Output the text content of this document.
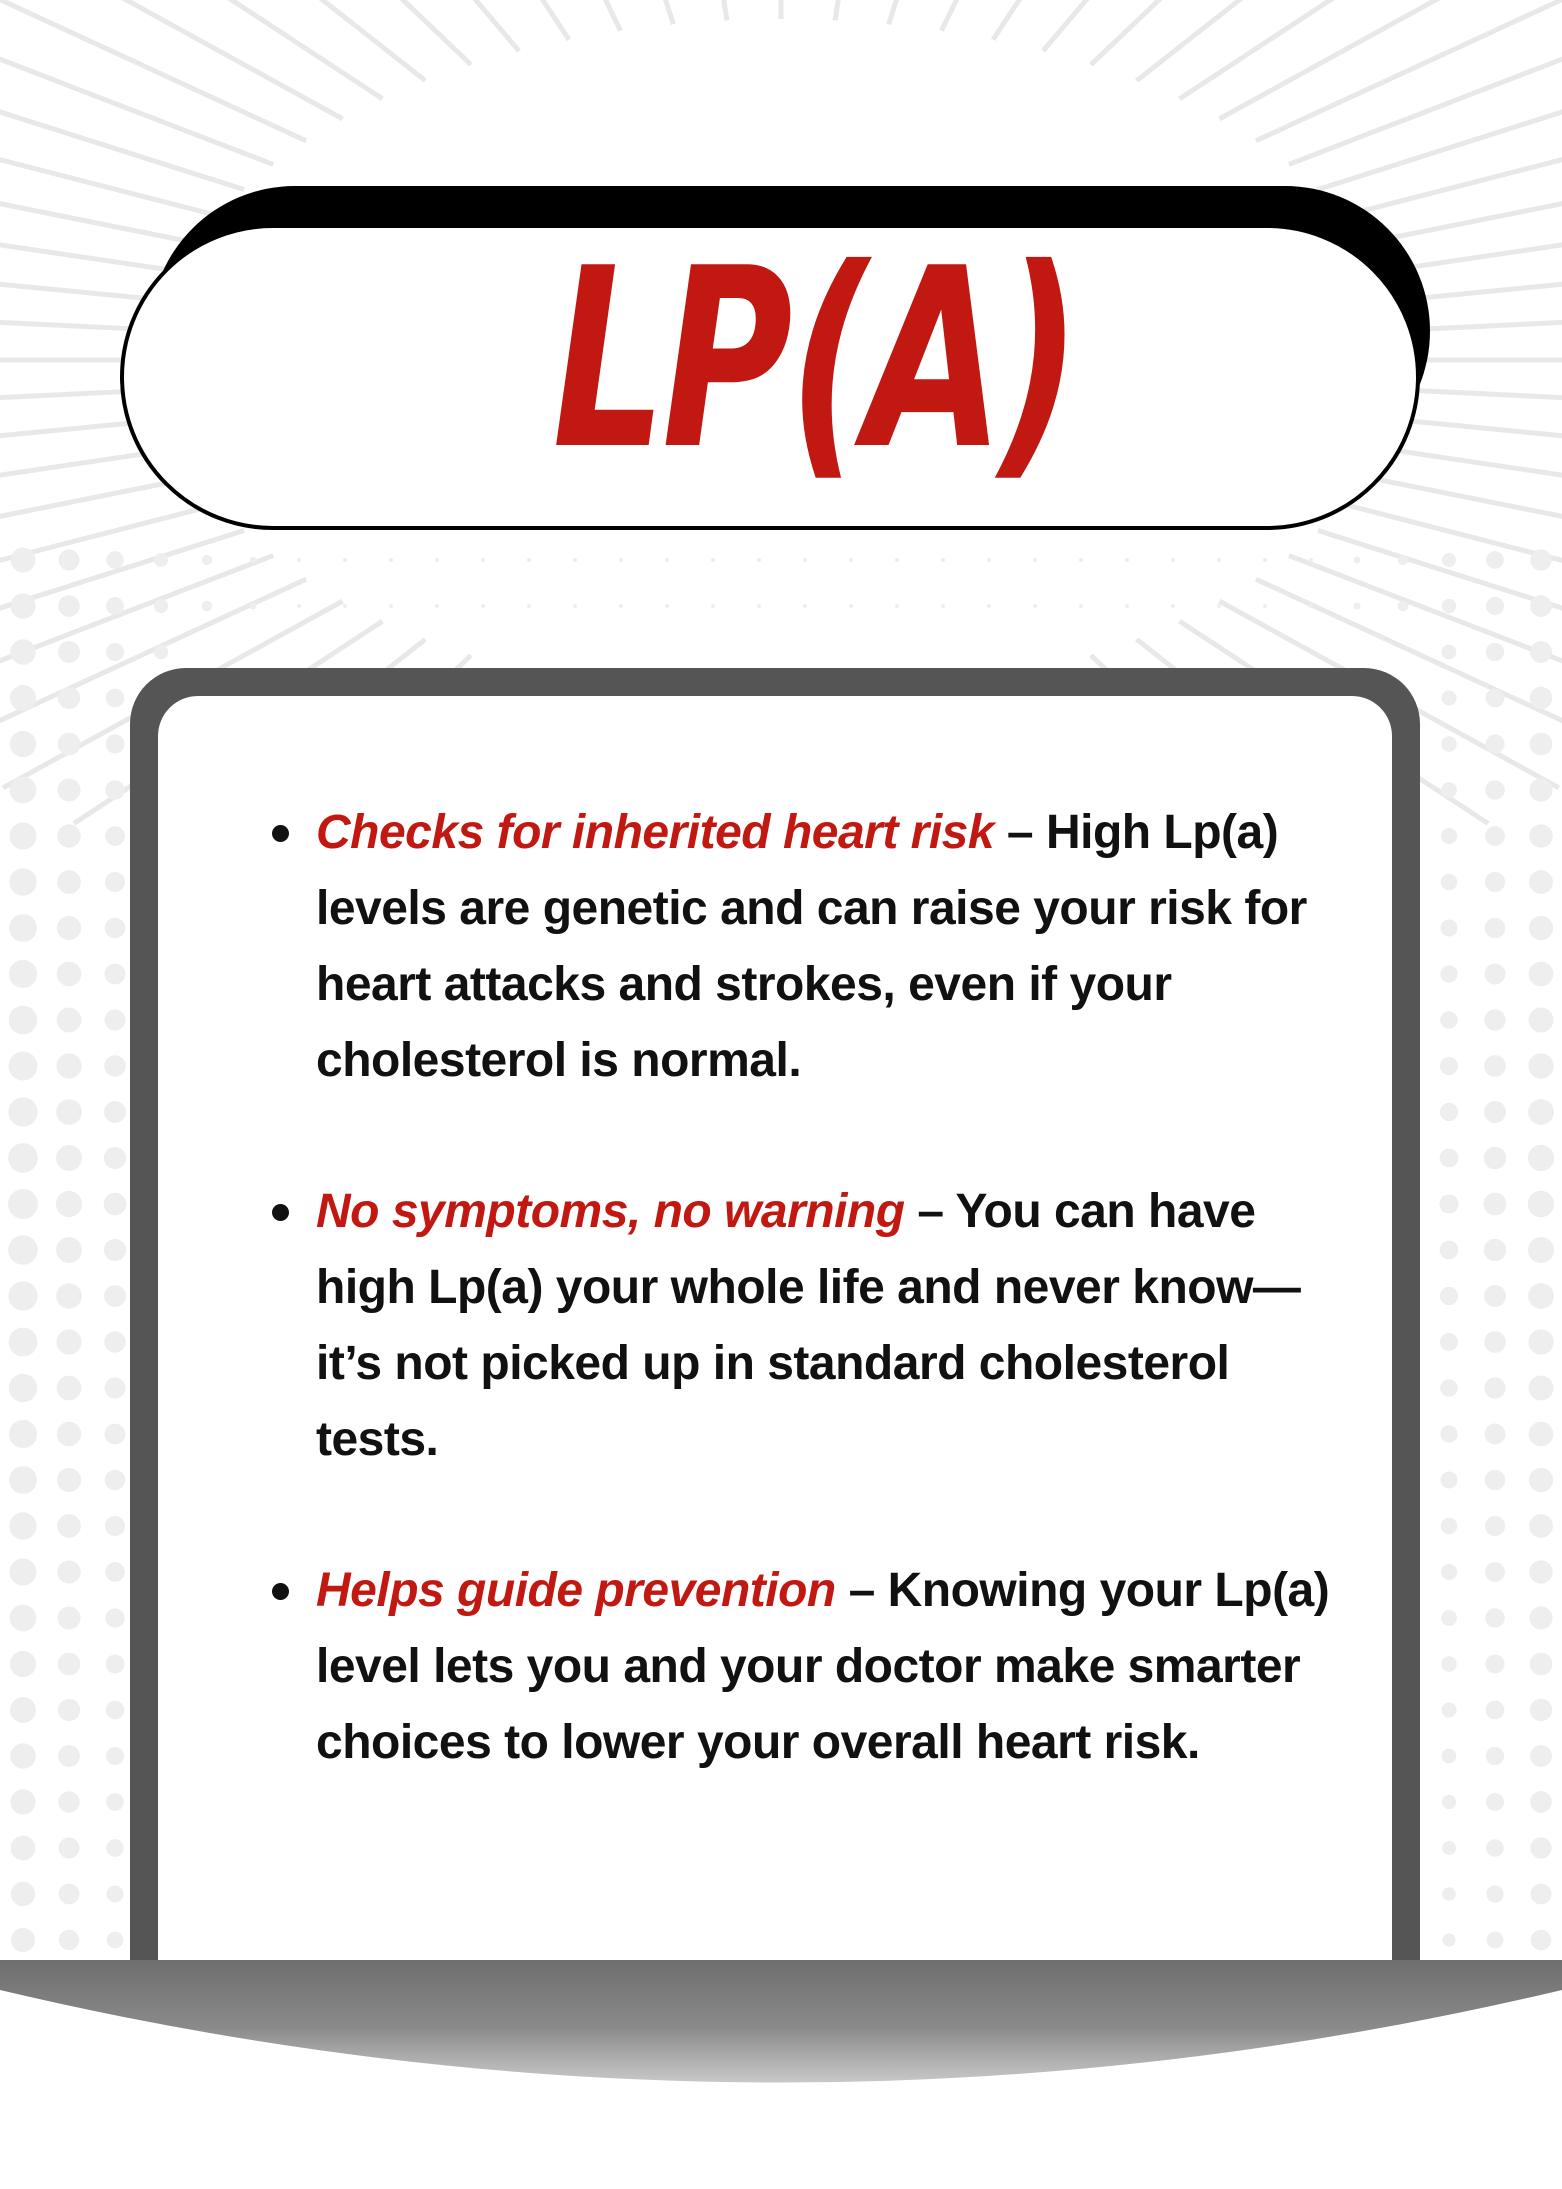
LP(A)
Checks for inherited heart risk – High Lp(a) levels are genetic and can raise your risk for heart attacks and strokes, even if your cholesterol is normal.
No symptoms, no warning – You can have high Lp(a) your whole life and never know—it’s not picked up in standard cholesterol tests.
Helps guide prevention – Knowing your Lp(a) level lets you and your doctor make smarter choices to lower your overall heart risk.
